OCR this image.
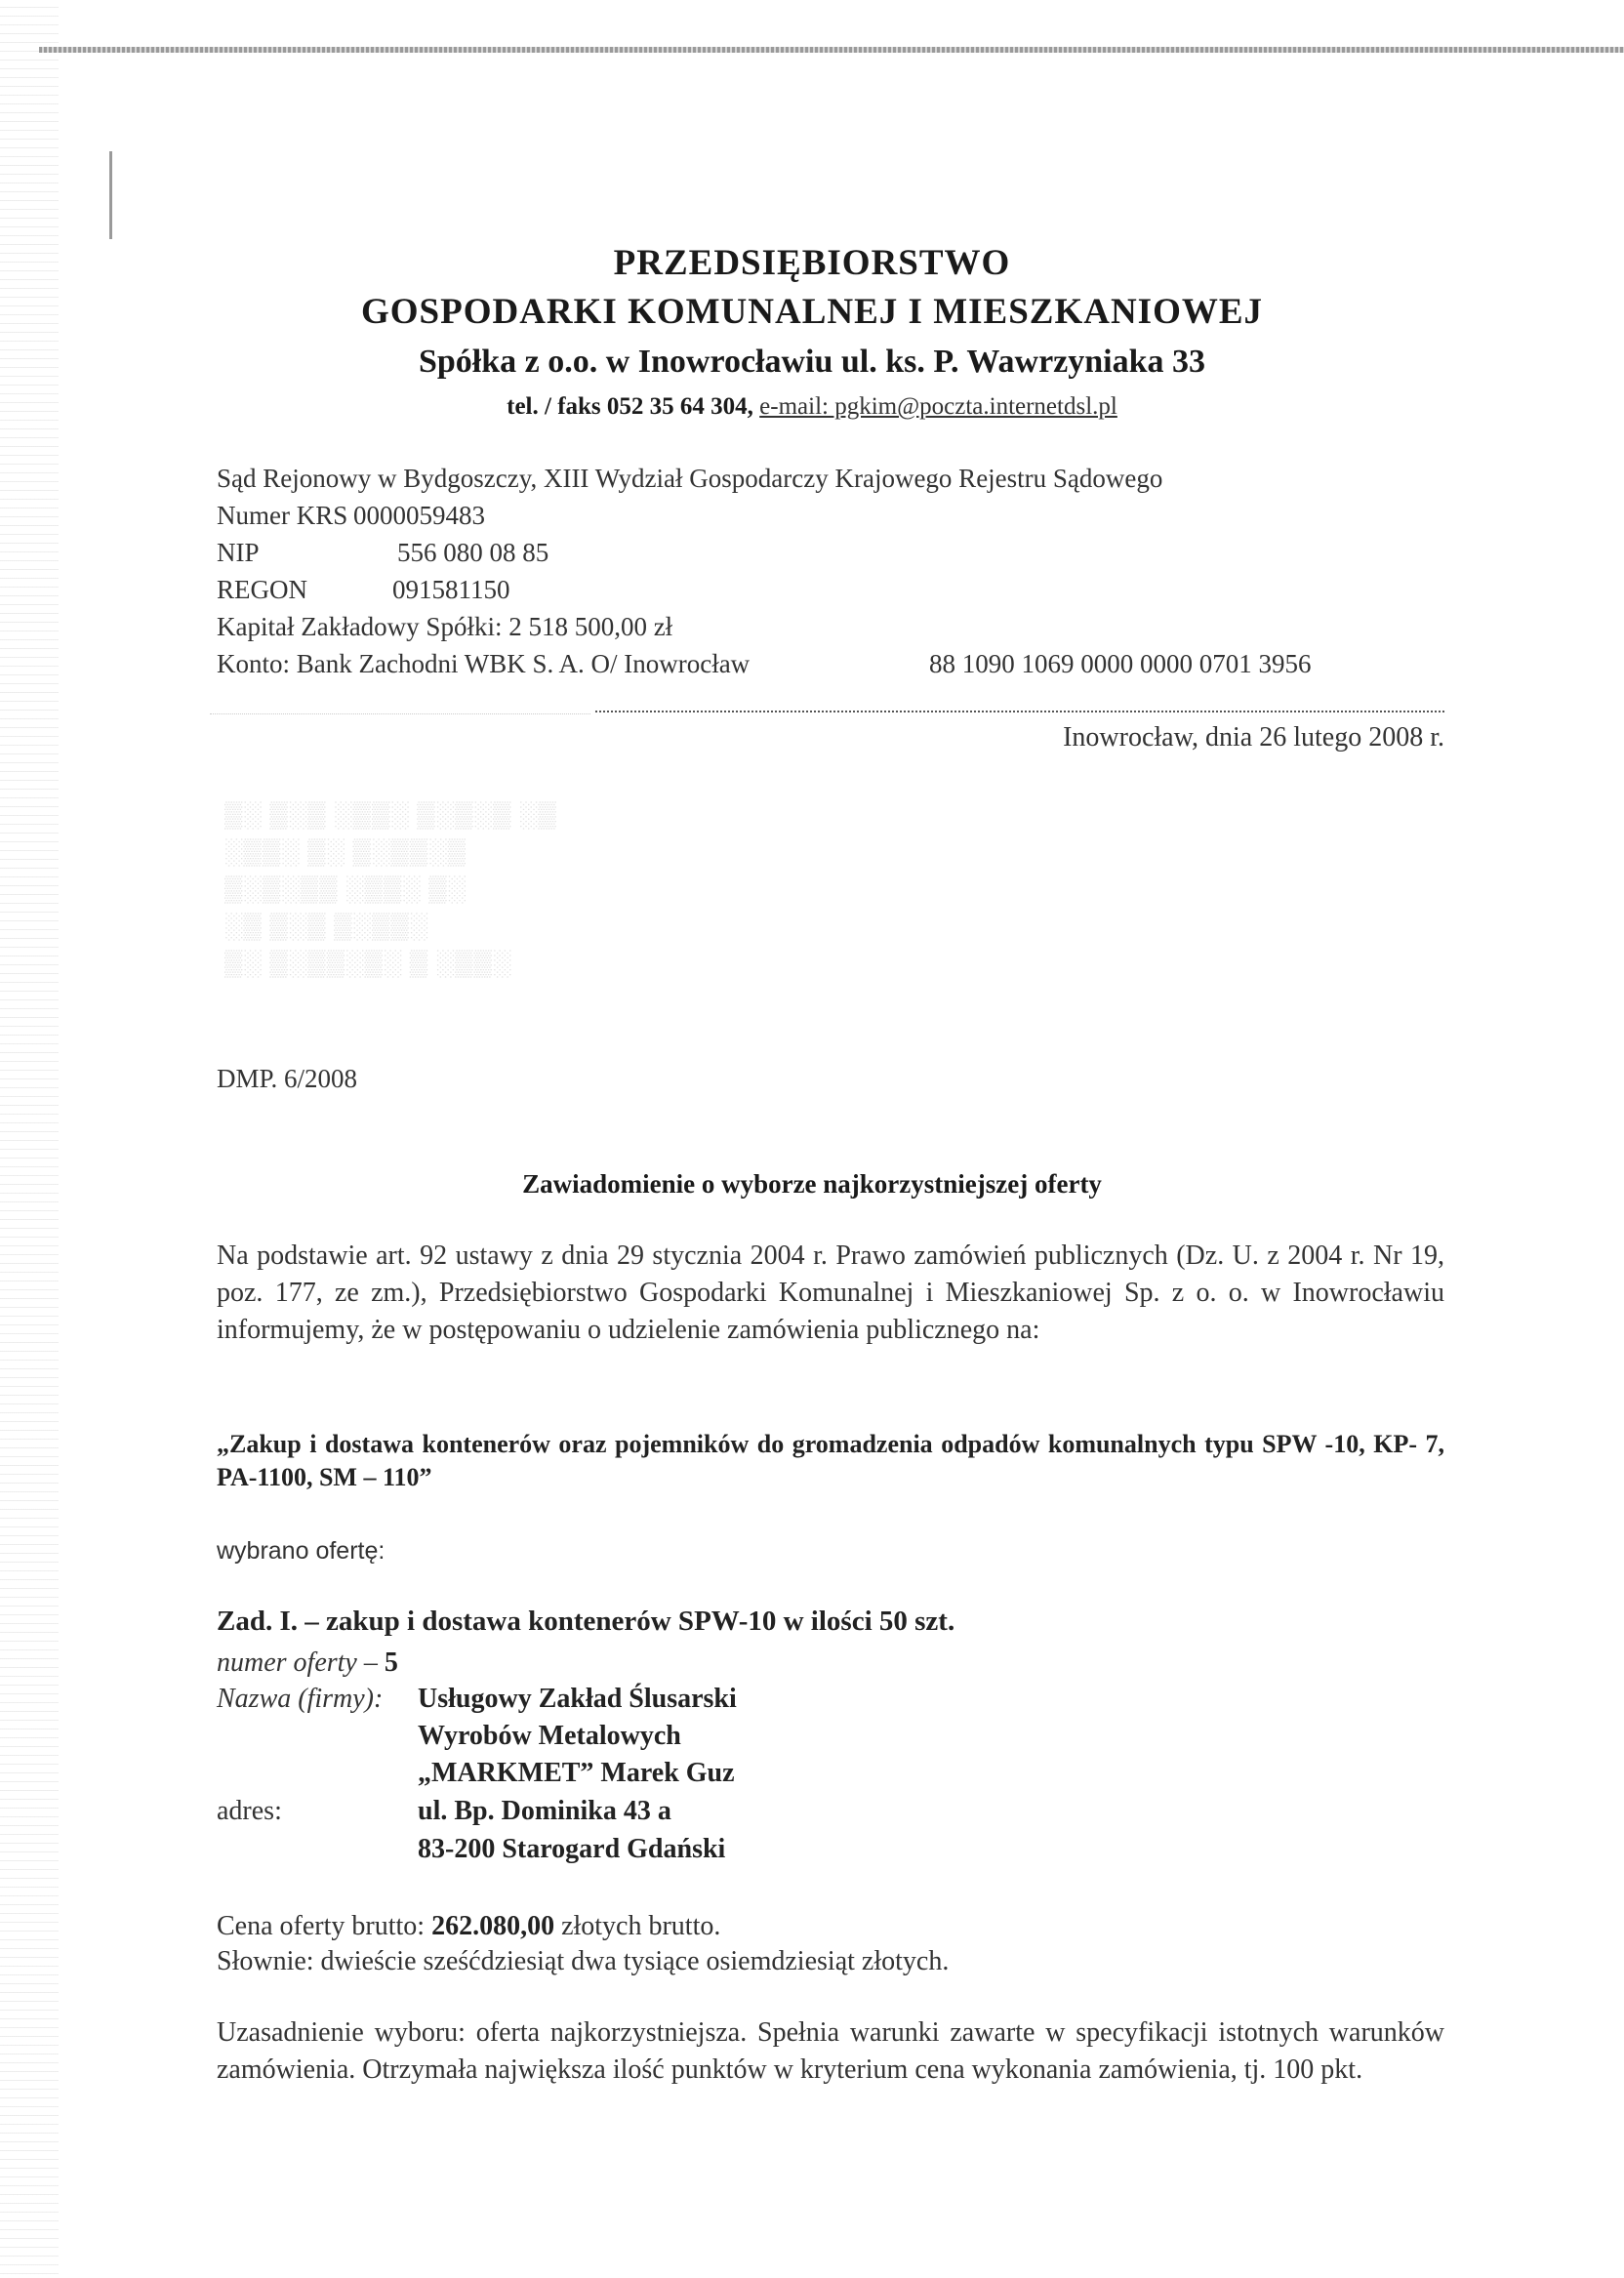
PRZEDSIĘBIORSTWO
GOSPODARKI KOMUNALNEJ I MIESZKANIOWEJ
Spółka z o.o. w Inowrocławiu ul. ks. P. Wawrzyniaka 33
tel. / faks 052 35 64 304, e-mail: pgkim@poczta.internetdsl.pl
Sąd Rejonowy w Bydgoszczy, XIII Wydział Gospodarczy Krajowego Rejestru Sądowego
Numer KRS 0000059483
NIP	556 080 08 85
REGON	091581150
Kapitał Zakładowy Spółki: 2 518 500,00 zł
Konto: Bank Zachodni WBK S. A. O/ Inowrocław	88 1090 1069 0000 0000 0701 3956
Inowrocław, dnia 26 lutego 2008 r.
▒░ ▒░▒ ░▒▒░ ▒░▒░▒ ░▒
░▒▒░ ▒░ ▒░▒▒░▒
▒░▒░▒▒ ░▒▒░ ▒░
░▒ ▒░▒ ▒░▒▒░
▒░ ▒░▒▒░▒░ ▒ ░▒▒░
DMP. 6/2008
Zawiadomienie o wyborze najkorzystniejszej oferty
Na podstawie art. 92 ustawy z dnia 29 stycznia 2004 r. Prawo zamówień publicznych (Dz. U. z 2004 r. Nr 19, poz. 177, ze zm.), Przedsiębiorstwo Gospodarki Komunalnej i Mieszkaniowej Sp. z o. o. w Inowrocławiu informujemy, że w postępowaniu o udzielenie zamówienia publicznego na:
„Zakup i dostawa kontenerów oraz pojemników do gromadzenia odpadów komunalnych typu SPW -10, KP- 7, PA-1100, SM – 110”
wybrano ofertę:
Zad. I. – zakup i dostawa kontenerów SPW-10 w ilości 50 szt.
numer oferty – 5
Nazwa (firmy): Usługowy Zakład Ślusarski
Wyrobów Metalowych
„MARKMET” Marek Guz
adres:	ul. Bp. Dominika 43 a
83-200 Starogard Gdański
Cena oferty brutto: 262.080,00 złotych brutto.
Słownie: dwieście sześćdziesiąt dwa tysiące osiemdziesiąt złotych.
Uzasadnienie wyboru: oferta najkorzystniejsza. Spełnia warunki zawarte w specyfikacji istotnych warunków zamówienia. Otrzymała największa ilość punktów w kryterium cena wykonania zamówienia, tj. 100 pkt.
